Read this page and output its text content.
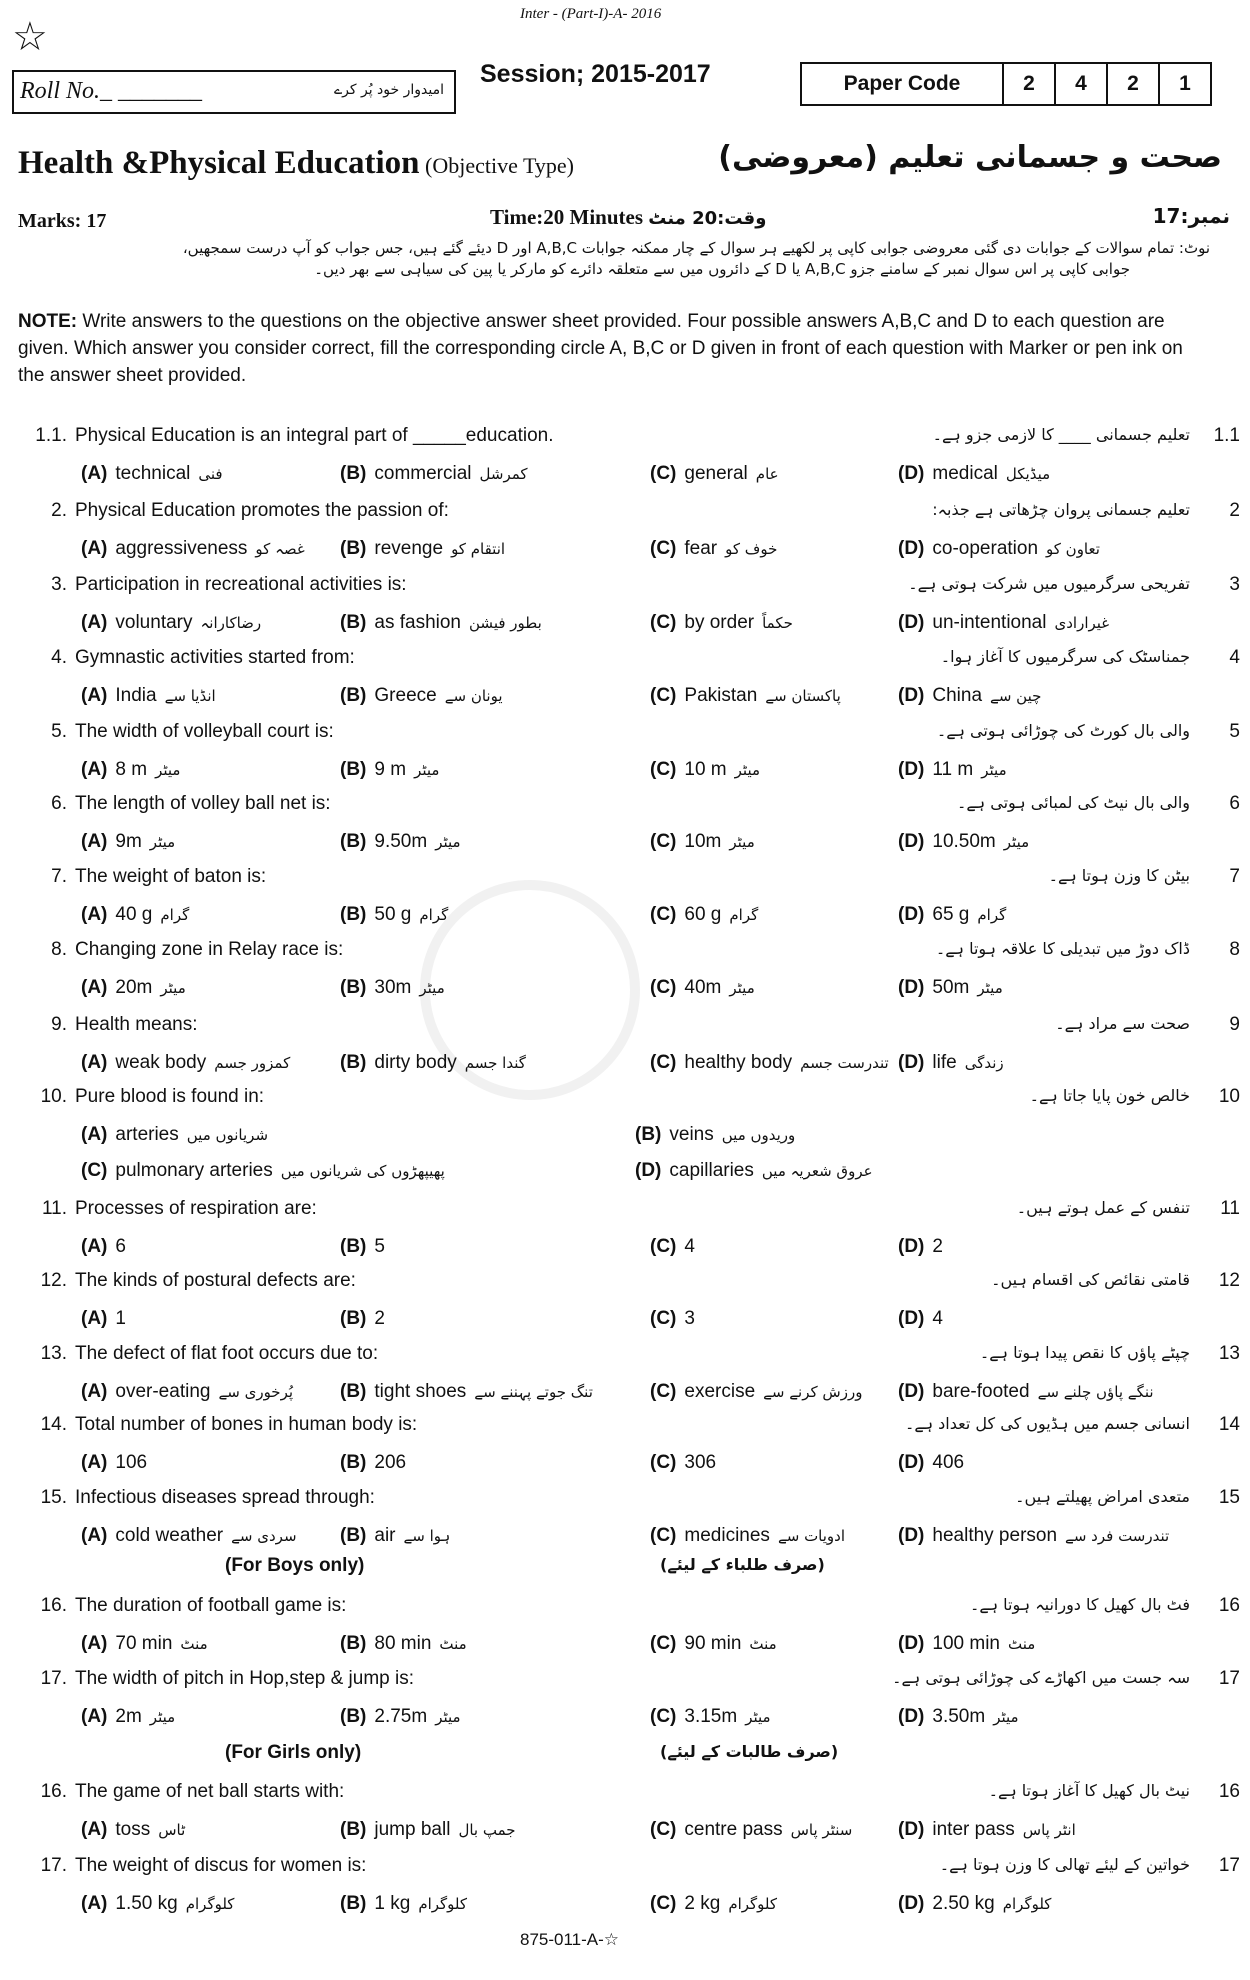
Inter - (Part-I)-A- 2016
☆
Roll No._ _______	امیدوار خود پُر کرے
Session; 2015-2017	Paper Code	2	4	2	1
Health &Physical Education (Objective Type)	صحت و جسمانی تعلیم (معروضی)
Marks: 17	Time:20 Minutes وقت:20 منٹ	نمبر:17
نوٹ: تمام سوالات کے جوابات دی گئی معروضی جوابی کاپی پر لکھیے ہر سوال کے چار ممکنہ جوابات A,B,C اور D دیئے گئے ہیں، جس جواب کو آپ درست سمجھیں،
جوابی کاپی پر اس سوال نمبر کے سامنے جزو A,B,C یا D کے دائروں میں سے متعلقہ دائرے کو مارکر یا پین کی سیاہی سے بھر دیں۔
NOTE: Write answers to the questions on the objective answer sheet provided. Four possible answers A,B,C and D to each question are given. Which answer you consider correct, fill the corresponding circle A, B,C or D given in front of each question with Marker or pen ink on the answer sheet provided.
1.1. Physical Education is an integral part of _____education.	تعلیم جسمانی ____ کا لازمی جزو ہے۔ 1.1
(A) technical فنی	(B) commercial کمرشل	(C) general عام	(D) medical میڈیکل
2. Physical Education promotes the passion of:	تعلیم جسمانی پروان چڑھاتی ہے جذبہ: 2
(A) aggressiveness غصہ کو (B) revenge انتقام کو	(C) fear خوف کو	(D) co-operation تعاون کو
3. Participation in recreational activities is:	تفریحی سرگرمیوں میں شرکت ہوتی ہے۔ 3
(A) voluntary رضاکارانہ	(B) as fashion بطور فیشن	(C) by order حکماً	(D) un-intentional غیرارادی
4. Gymnastic activities started from:	جمناسٹک کی سرگرمیوں کا آغاز ہوا۔ 4
(A) India انڈیا سے	(B) Greece یونان سے	(C) Pakistan پاکستان سے	(D) China چین سے
5. The width of volleyball court is:	والی بال کورٹ کی چوڑائی ہوتی ہے۔ 5
(A) 8 m میٹر	(B) 9 m میٹر	(C) 10 m میٹر	(D) 11 m میٹر
6. The length of volley ball net is:	والی بال نیٹ کی لمبائی ہوتی ہے۔ 6
(A) 9m میٹر	(B) 9.50m میٹر	(C) 10m میٹر	(D) 10.50m میٹر
7. The weight of baton is:	بیٹن کا وزن ہوتا ہے۔ 7
(A) 40 g گرام	(B) 50 g گرام	(C) 60 g گرام	(D) 65 g گرام
8. Changing zone in Relay race is:	ڈاک دوڑ میں تبدیلی کا علاقہ ہوتا ہے۔ 8
(A) 20m میٹر	(B) 30m میٹر	(C) 40m میٹر	(D) 50m میٹر
9. Health means:	صحت سے مراد ہے۔ 9
(A) weak body کمزور جسم	(B) dirty body گندا جسم	(C) healthy body تندرست جسم (D) life زندگی
10. Pure blood is found in:	خالص خون پایا جاتا ہے۔ 10
(A) arteries شریانوں میں	(B) veins وریدوں میں
(C) pulmonary arteries پھیپھڑوں کی شریانوں میں	(D) capillaries عروق شعریہ میں
11. Processes of respiration are:	تنفس کے عمل ہوتے ہیں۔ 11
(A) 6	(B) 5	(C) 4	(D) 2
12. The kinds of postural defects are:	قامتی نقائص کی اقسام ہیں۔ 12
(A) 1	(B) 2	(C) 3	(D) 4
13. The defect of flat foot occurs due to:	چپٹے پاؤں کا نقص پیدا ہوتا ہے۔ 13
(A) over-eating پُرخوری سے (B) tight shoes تنگ جوتے پہننے سے	(C) exercise ورزش کرنے سے (D) bare-footed ننگے پاؤں چلنے سے
14. Total number of bones in human body is:	انسانی جسم میں ہڈیوں کی کل تعداد ہے۔ 14
(A) 106	(B) 206	(C) 306	(D) 406
15. Infectious diseases spread through:	متعدی امراض پھیلتے ہیں۔ 15
(A) cold weather سردی سے (B) air ہوا سے	(C) medicines ادویات سے	(D) healthy person تندرست فرد سے
(For Boys only)	(صرف طلباء کے لیئے)
16. The duration of football game is:	فٹ بال کھیل کا دورانیہ ہوتا ہے۔ 16
(A) 70 min منٹ	(B) 80 min منٹ	(C) 90 min منٹ	(D) 100 min منٹ
17. The width of pitch in Hop,step & jump is:	سہ جست میں اکھاڑے کی چوڑائی ہوتی ہے۔ 17
(A) 2m میٹر	(B) 2.75m میٹر	(C) 3.15m میٹر	(D) 3.50m میٹر
(For Girls only)	(صرف طالبات کے لیئے)
16. The game of net ball starts with:	نیٹ بال کھیل کا آغاز ہوتا ہے۔ 16
(A) toss ٹاس	(B) jump ball جمپ بال	(C) centre pass سنٹر پاس (D) inter pass انٹر پاس
17. The weight of discus for women is:	خواتین کے لیئے تھالی کا وزن ہوتا ہے۔ 17
(A) 1.50 kg کلوگرام	(B) 1 kg کلوگرام	(C) 2 kg کلوگرام	(D) 2.50 kg کلوگرام
875-011-A-☆
